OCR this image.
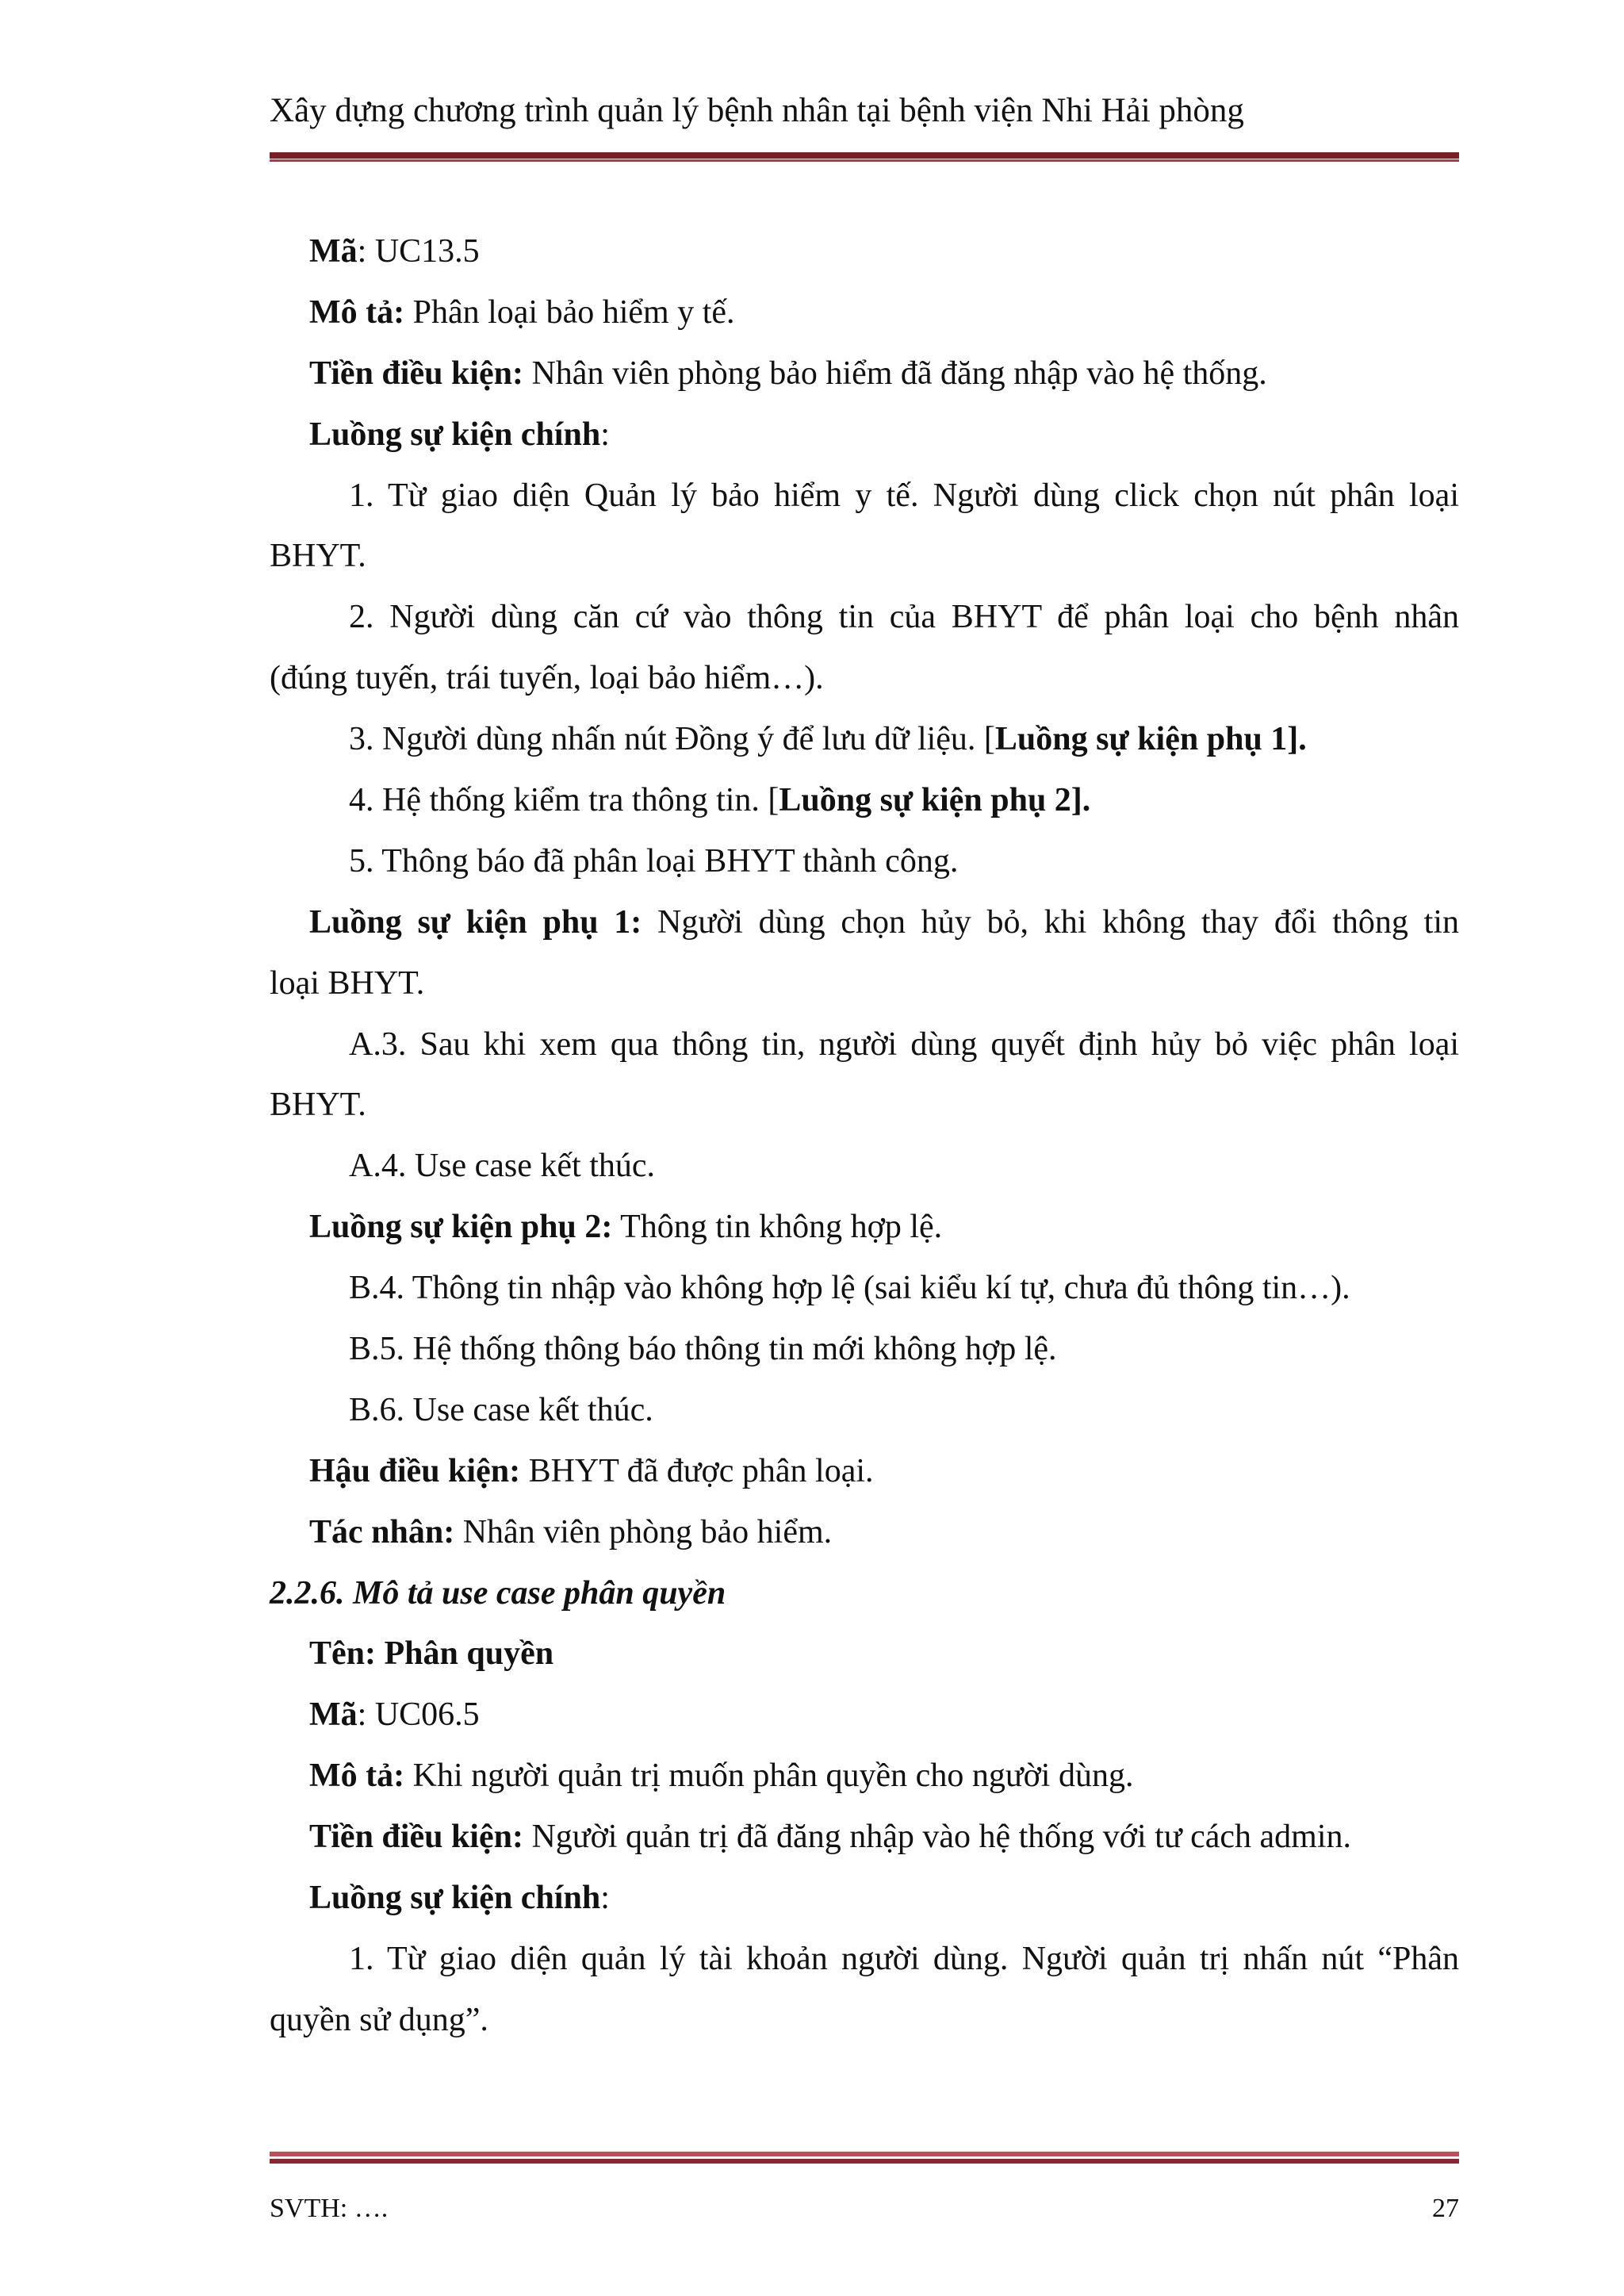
Xây dựng chương trình quản lý bệnh nhân tại bệnh viện Nhi Hải phòng
Mã: UC13.5
Mô tả: Phân loại bảo hiểm y tế.
Tiền điều kiện: Nhân viên phòng bảo hiểm đã đăng nhập vào hệ thống.
Luồng sự kiện chính:
1. Từ giao diện Quản lý bảo hiểm y tế. Người dùng click chọn nút phân loại
BHYT.
2. Người dùng căn cứ vào thông tin của BHYT để phân loại cho bệnh nhân
(đúng tuyến, trái tuyến, loại bảo hiểm…).
3. Người dùng nhấn nút Đồng ý để lưu dữ liệu. [Luồng sự kiện phụ 1].
4. Hệ thống kiểm tra thông tin. [Luồng sự kiện phụ 2].
5. Thông báo đã phân loại BHYT thành công.
Luồng sự kiện phụ 1: Người dùng chọn hủy bỏ, khi không thay đổi thông tin
loại BHYT.
A.3. Sau khi xem qua thông tin, người dùng quyết định hủy bỏ việc phân loại
BHYT.
A.4. Use case kết thúc.
Luồng sự kiện phụ 2: Thông tin không hợp lệ.
B.4. Thông tin nhập vào không hợp lệ (sai kiểu kí tự, chưa đủ thông tin…).
B.5. Hệ thống thông báo thông tin mới không hợp lệ.
B.6. Use case kết thúc.
Hậu điều kiện: BHYT đã được phân loại.
Tác nhân: Nhân viên phòng bảo hiểm.
2.2.6. Mô tả use case phân quyền
Tên: Phân quyền
Mã: UC06.5
Mô tả: Khi người quản trị muốn phân quyền cho người dùng.
Tiền điều kiện: Người quản trị đã đăng nhập vào hệ thống với tư cách admin.
Luồng sự kiện chính:
1. Từ giao diện quản lý tài khoản người dùng. Người quản trị nhấn nút “Phân
quyền sử dụng”.
SVTH: ….	27
